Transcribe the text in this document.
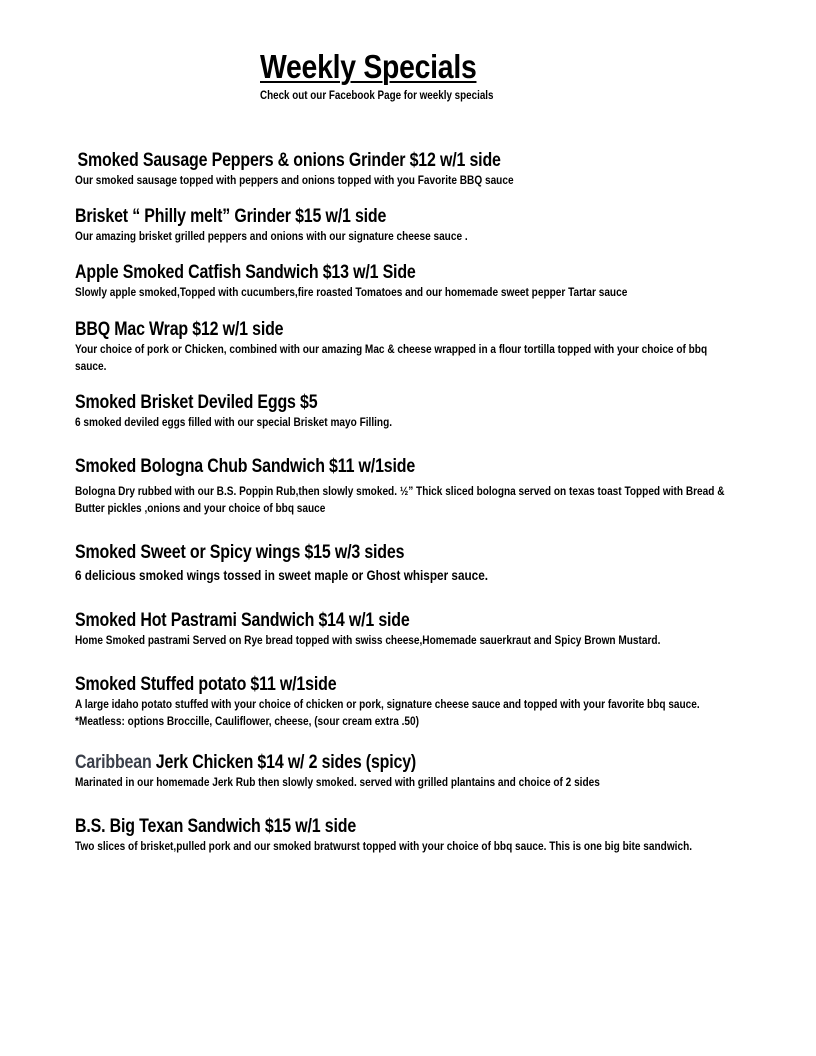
Weekly Specials

Check out our Facebook Page for weekly specials

Smoked Sausage Peppers & onions Grinder $12 w/1 side

Our smoked sausage topped with peppers and onions topped with you Favorite BBQ sauce

Brisket “ Philly melt” Grinder $15 w/1 side

Our amazing brisket grilled peppers and onions with our signature cheese sauce .

Apple Smoked Catfish Sandwich $13 w/1 Side

Slowly apple smoked,Topped with cucumbers,fire roasted Tomatoes and our homemade sweet pepper Tartar sauce

BBQ Mac Wrap $12 w/1 side

Your choice of pork or Chicken, combined with our amazing Mac & cheese wrapped in a flour tortilla topped with your choice of bbq sauce.

Smoked Brisket Deviled Eggs $5

6 smoked deviled eggs filled with our special Brisket mayo Filling.

Smoked Bologna Chub Sandwich $11 w/1side

Bologna Dry rubbed with our B.S. Poppin Rub,then slowly smoked. ½” Thick sliced bologna served on texas toast Topped with Bread & Butter pickles ,onions and your choice of bbq sauce

Smoked Sweet or Spicy wings $15 w/3 sides

6 delicious smoked wings tossed in sweet maple or Ghost whisper sauce.

Smoked Hot Pastrami Sandwich $14 w/1 side

Home Smoked pastrami Served on Rye bread topped with swiss cheese,Homemade sauerkraut and Spicy Brown Mustard.

Smoked Stuffed potato $11 w/1side

A large idaho potato stuffed with your choice of chicken or pork, signature cheese sauce and topped with your favorite bbq sauce. *Meatless: options Broccille, Cauliflower, cheese, (sour cream extra .50)

Caribbean Jerk Chicken $14 w/ 2 sides (spicy)

Marinated in our homemade Jerk Rub then slowly smoked. served with grilled plantains and choice of 2 sides

B.S. Big Texan Sandwich $15 w/1 side

Two slices of brisket,pulled pork and our smoked bratwurst topped with your choice of bbq sauce. This is one big bite sandwich.
